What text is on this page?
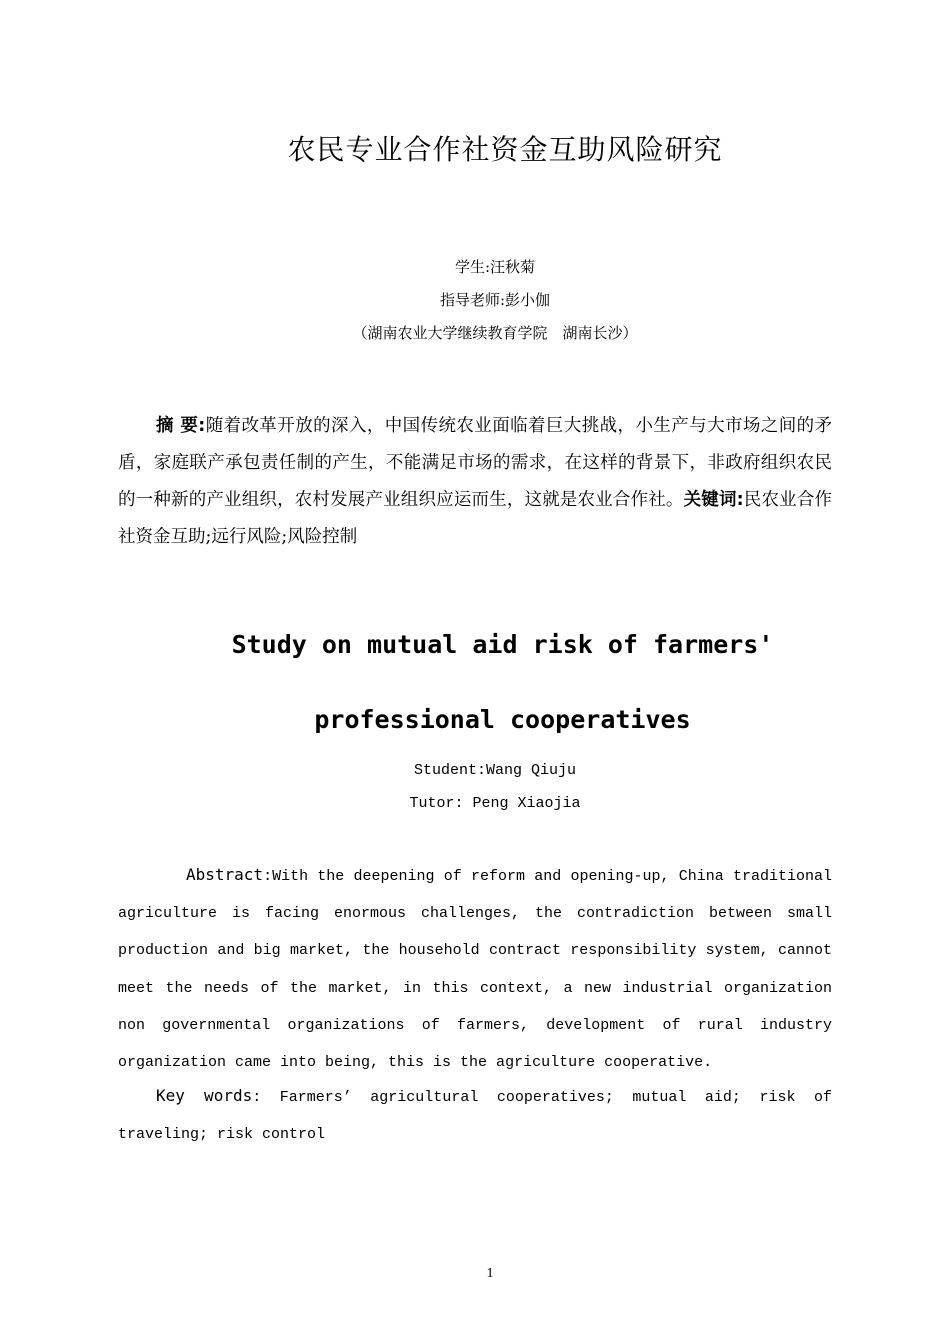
农民专业合作社资金互助风险研究
学生:汪秋菊
指导老师:彭小伽
（湖南农业大学继续教育学院　湖南长沙）
摘 要:随着改革开放的深入，中国传统农业面临着巨大挑战，小生产与大市场之间的矛盾，家庭联产承包责任制的产生，不能满足市场的需求，在这样的背景下，非政府组织农民的一种新的产业组织，农村发展产业组织应运而生，这就是农业合作社。关键词:民农业合作社资金互助;远行风险;风险控制
Study on mutual aid risk of farmers'
professional cooperatives
Student:Wang Qiuju
Tutor: Peng Xiaojia
Abstract:With the deepening of reform and opening-up, China traditional agriculture is facing enormous challenges, the contradiction between small production and big market, the household contract responsibility system, cannot meet the needs of the market, in this context, a new industrial organization non governmental organizations of farmers, development of rural industry organization came into being, this is the agriculture cooperative.
Key words: Farmers’ agricultural cooperatives; mutual aid; risk of traveling; risk control
1
